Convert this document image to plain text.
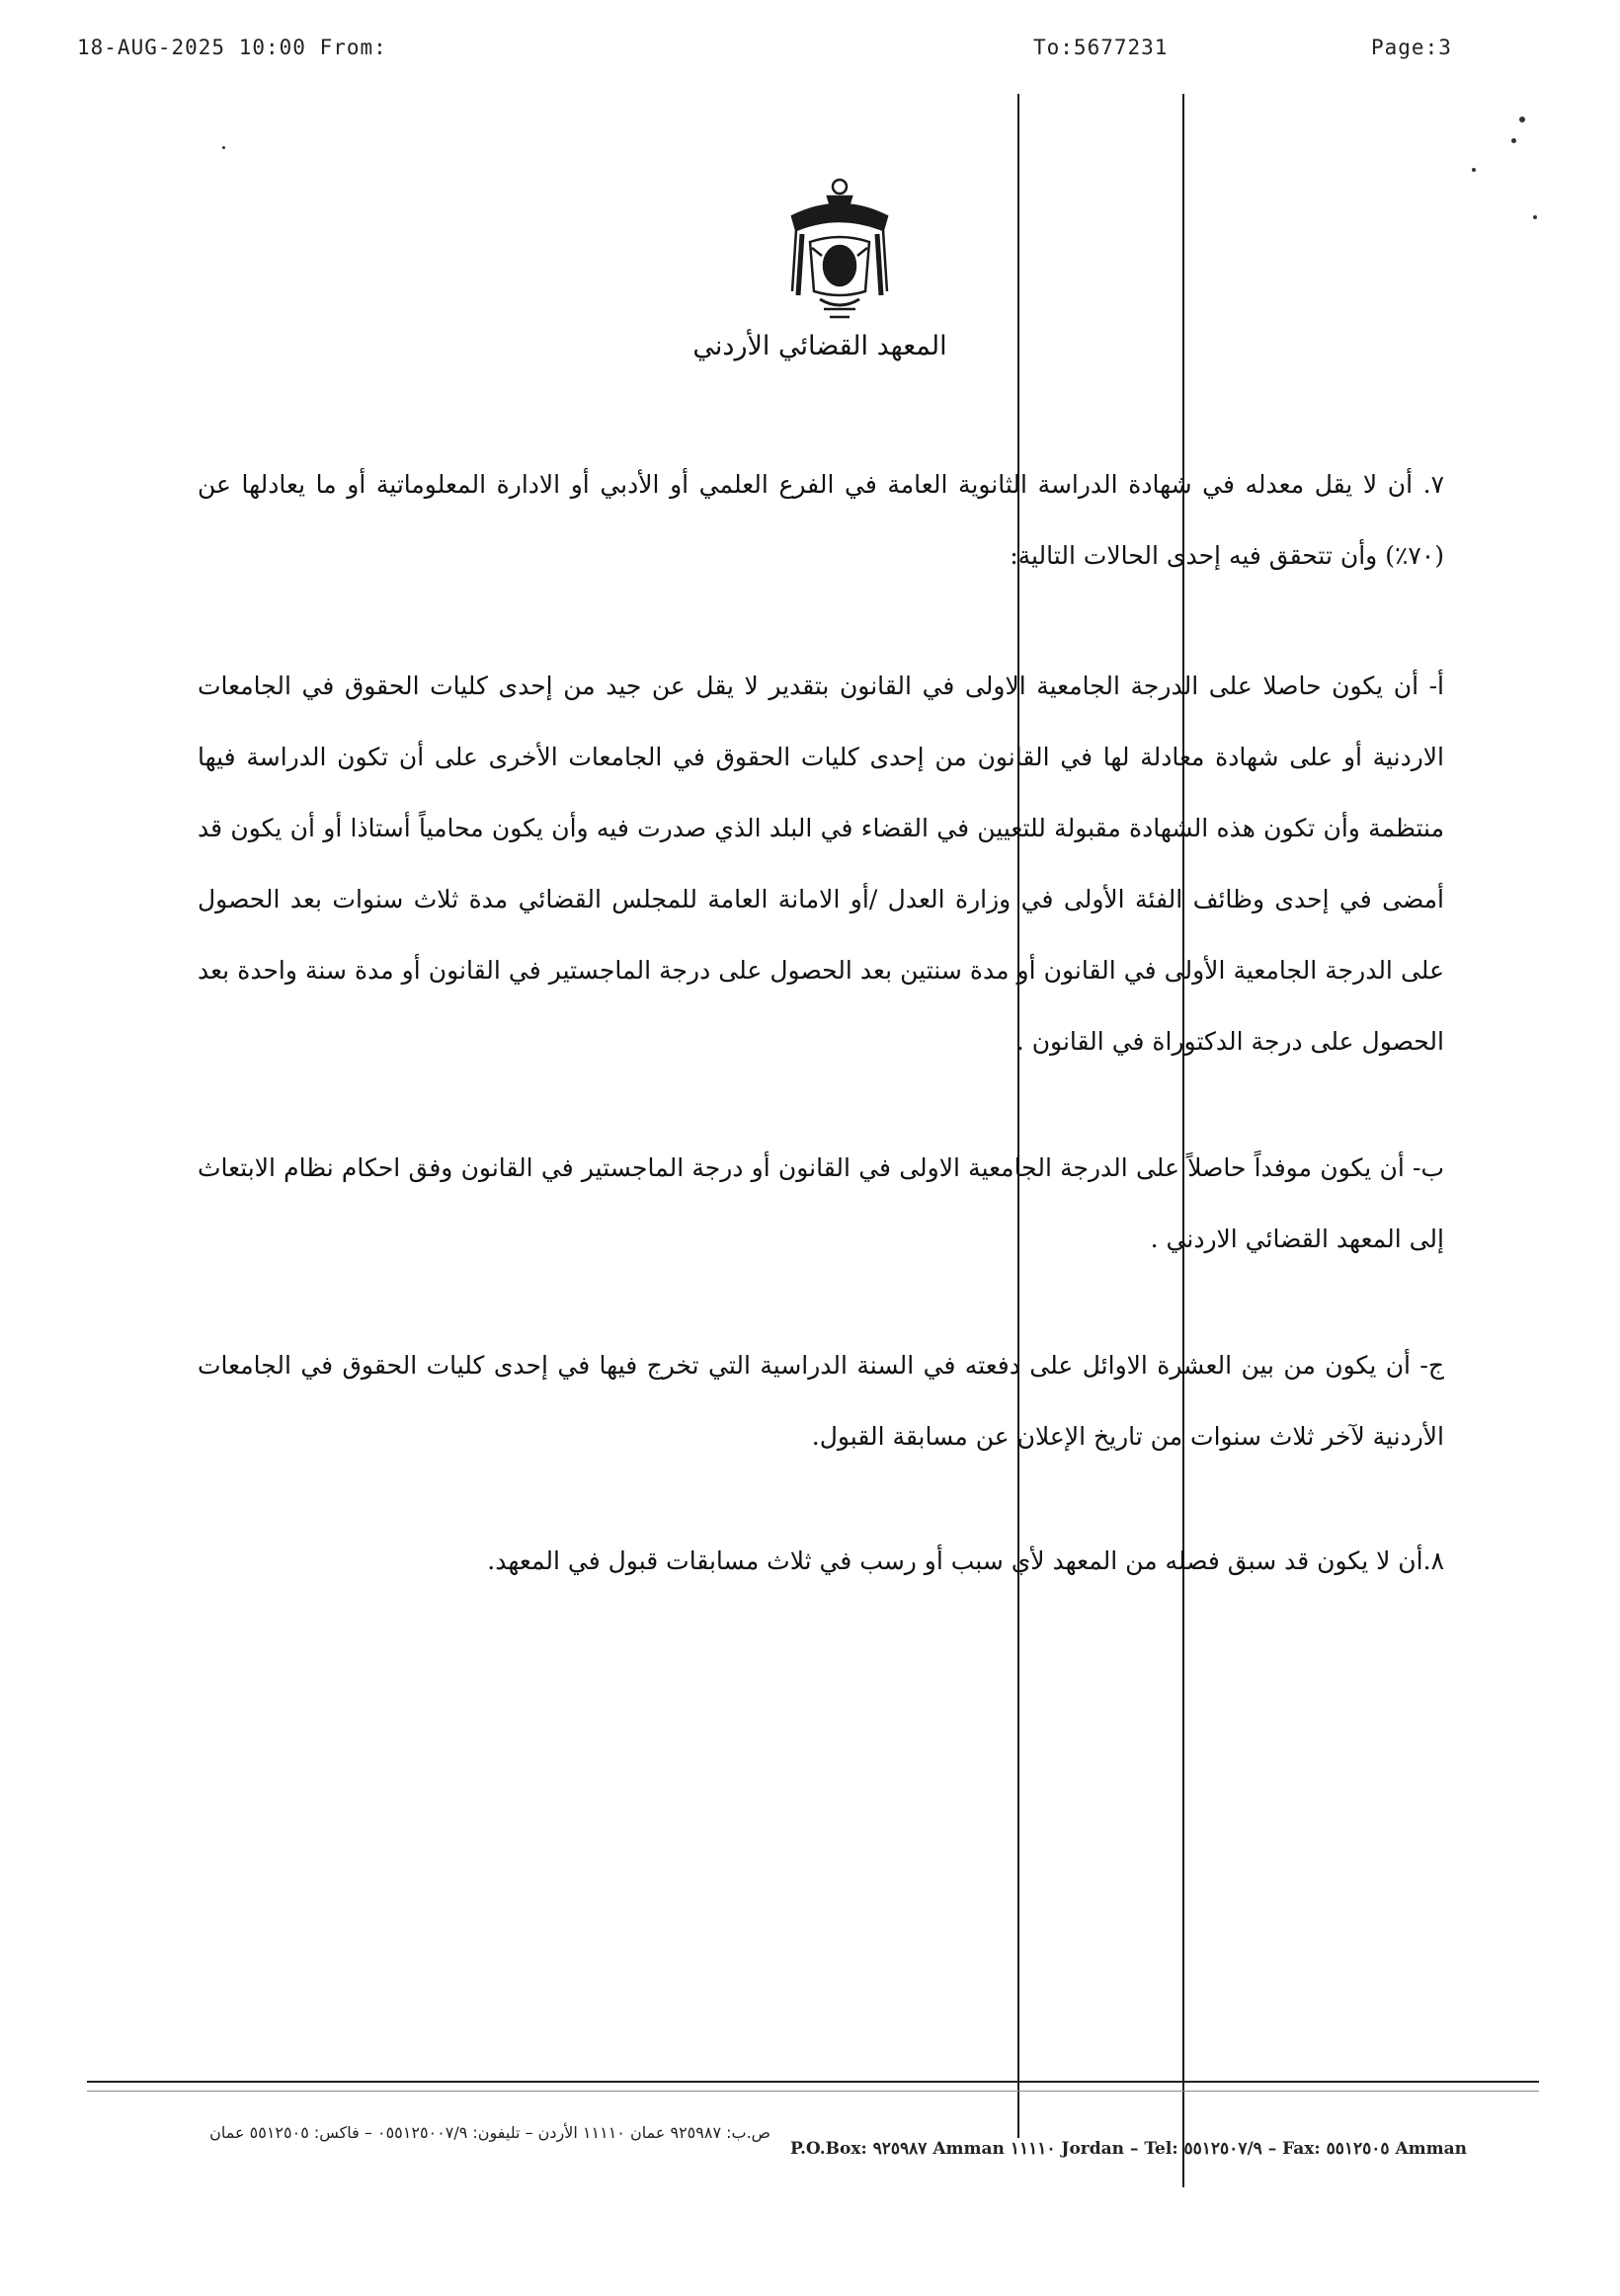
18-AUG-2025 10:00 From:	To:5677231	Page:3
المعهد القضائي الأردني

٧. أن لا يقل معدله في شهادة الدراسة الثانوية العامة في الفرع العلمي أو الأدبي أو الادارة المعلوماتية أو ما يعادلها عن (٧٠٪) وأن تتحقق فيه إحدى الحالات التالية:

أ- أن يكون حاصلا على الدرجة الجامعية الاولى في القانون بتقدير لا يقل عن جيد من إحدى كليات الحقوق في الجامعات الاردنية أو على شهادة معادلة لها في القانون من إحدى كليات الحقوق في الجامعات الأخرى على أن تكون الدراسة فيها منتظمة وأن تكون هذه الشهادة مقبولة للتعيين في القضاء في البلد الذي صدرت فيه وأن يكون محامياً أستاذا أو أن يكون قد أمضى في إحدى وظائف الفئة الأولى في وزارة العدل /أو الامانة العامة للمجلس القضائي مدة ثلاث سنوات بعد الحصول على الدرجة الجامعية الأولى في القانون أو مدة سنتين بعد الحصول على درجة الماجستير في القانون أو مدة سنة واحدة بعد الحصول على درجة الدكتوراة في القانون .

ب- أن يكون موفداً حاصلاً على الدرجة الجامعية الاولى في القانون أو درجة الماجستير في القانون وفق احكام نظام الابتعاث إلى المعهد القضائي الاردني .

ج- أن يكون من بين العشرة الاوائل على دفعته في السنة الدراسية التي تخرج فيها في إحدى كليات الحقوق في الجامعات الأردنية لآخر ثلاث سنوات من تاريخ الإعلان عن مسابقة القبول.

٨.أن لا يكون قد سبق فصله من المعهد لأي سبب أو رسب في ثلاث مسابقات قبول في المعهد.

ص.ب: ٩٢٥٩٨٧ عمان ١١١١٠ الأردن – تليفون: ٠٥٥١٢٥٠٠٧/٩ – فاكس: ٥٥١٢٥٠٥ عمان
P.O.Box: ٩٢٥٩٨٧ Amman ١١١١٠ Jordan – Tel: ٥٥١٢٥٠٧/٩ – Fax: ٥٥١٢٥٠٥ Amman
